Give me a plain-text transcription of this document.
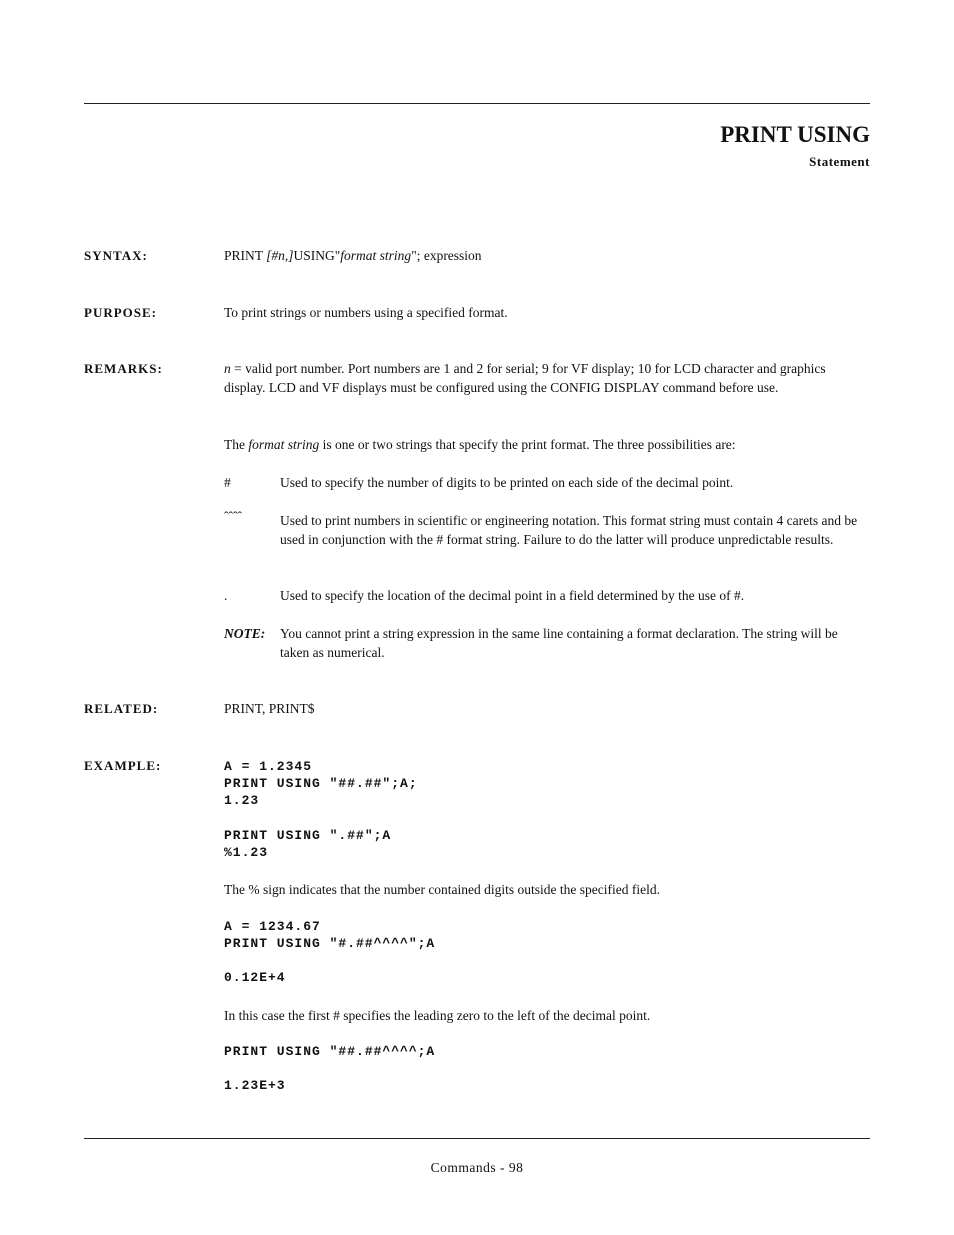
PRINT USING
Statement
SYNTAX:	PRINT [#n,]USING"format string"; expression
PURPOSE:	To print strings or numbers using a specified format.
REMARKS:	n = valid port number. Port numbers are 1 and 2 for serial; 9 for VF display; 10 for LCD character and graphics display. LCD and VF displays must be configured using the CONFIG DISPLAY command before use.
The format string is one or two strings that specify the print format. The three possibilities are:
#	Used to specify the number of digits to be printed on each side of the decimal point.
ˆˆˆˆ	Used to print numbers in scientific or engineering notation. This format string must contain 4 carets and be used in conjunction with the # format string. Failure to do the latter will produce unpredictable results.
.	Used to specify the location of the decimal point in a field determined by the use of #.
NOTE: You cannot print a string expression in the same line containing a format declaration. The string will be taken as numerical.
RELATED:	PRINT, PRINT$
EXAMPLE:	A = 1.2345
PRINT USING "##.##";A;
1.23
PRINT USING ".##";A
%1.23
The % sign indicates that the number contained digits outside the specified field.
A = 1234.67
PRINT USING "#.##^^^^";A
0.12E+4
In this case the first # specifies the leading zero to the left of the decimal point.
PRINT USING "##.##^^^^;A
1.23E+3
Commands - 98
